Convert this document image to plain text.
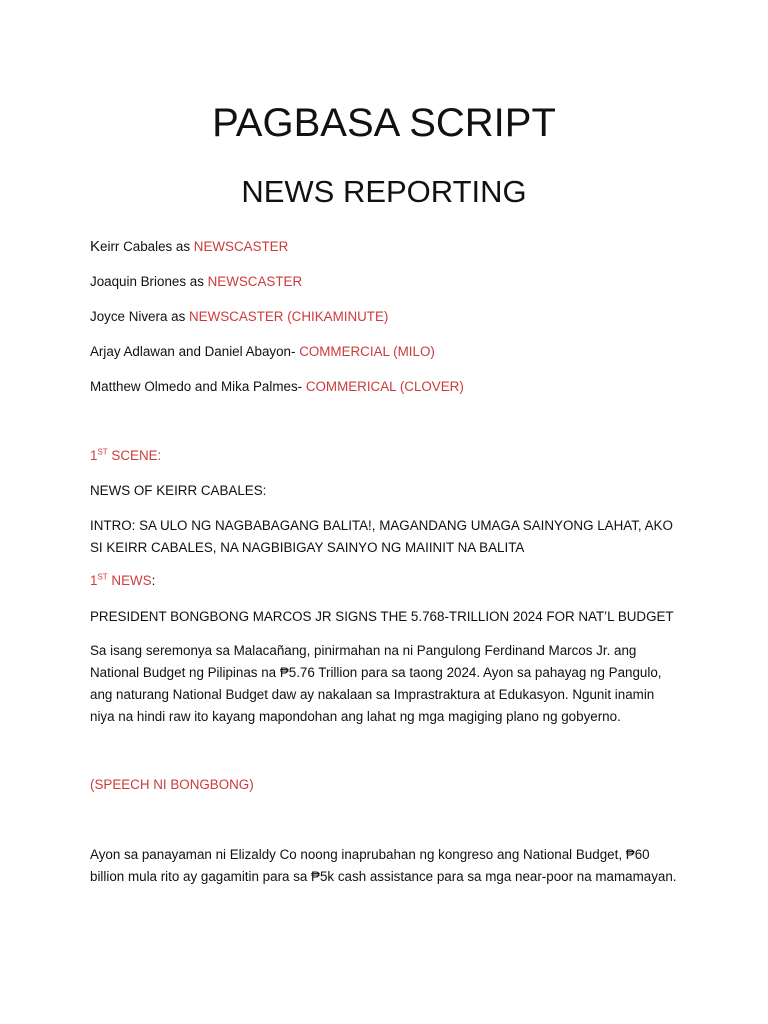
PAGBASA SCRIPT
NEWS REPORTING

Keirr Cabales as NEWSCASTER

Joaquin Briones as NEWSCASTER

Joyce Nivera as NEWSCASTER (CHIKAMINUTE)

Arjay Adlawan and Daniel Abayon- COMMERCIAL (MILO)

Matthew Olmedo and Mika Palmes- COMMERICAL (CLOVER)

1ST SCENE:

NEWS OF KEIRR CABALES:

INTRO: SA ULO NG NAGBABAGANG BALITA!, MAGANDANG UMAGA SAINYONG LAHAT, AKO SI KEIRR CABALES, NA NAGBIBIGAY SAINYO NG MAIINIT NA BALITA

1ST NEWS:

PRESIDENT BONGBONG MARCOS JR SIGNS THE 5.768-TRILLION 2024 FOR NAT’L BUDGET

Sa isang seremonya sa Malacañang, pinirmahan na ni Pangulong Ferdinand Marcos Jr. ang National Budget ng Pilipinas na ₱5.76 Trillion para sa taong 2024. Ayon sa pahayag ng Pangulo, ang naturang National Budget daw ay nakalaan sa Imprastraktura at Edukasyon. Ngunit inamin niya na hindi raw ito kayang mapondohan ang lahat ng mga magiging plano ng gobyerno.

(SPEECH NI BONGBONG)

Ayon sa panayaman ni Elizaldy Co noong inaprubahan ng kongreso ang National Budget, ₱60 billion mula rito ay gagamitin para sa ₱5k cash assistance para sa mga near-poor na mamamayan.
